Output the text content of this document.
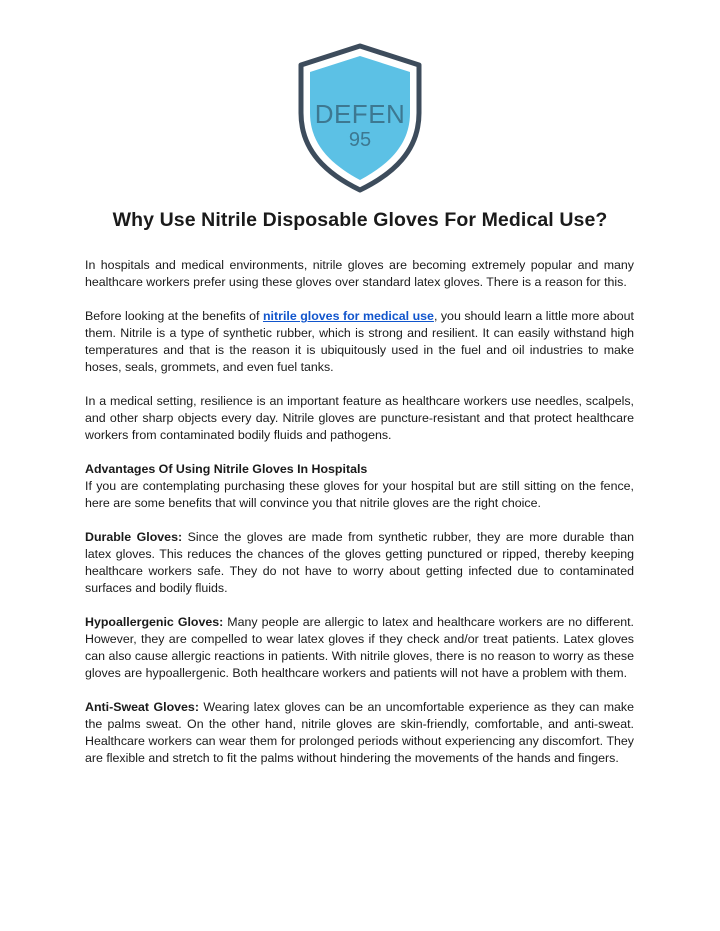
DEFEN
95
Why Use Nitrile Disposable Gloves For Medical Use?

In hospitals and medical environments, nitrile gloves are becoming extremely popular and many healthcare workers prefer using these gloves over standard latex gloves. There is a reason for this.

Before looking at the benefits of nitrile gloves for medical use, you should learn a little more about them. Nitrile is a type of synthetic rubber, which is strong and resilient. It can easily withstand high temperatures and that is the reason it is ubiquitously used in the fuel and oil industries to make hoses, seals, grommets, and even fuel tanks.

In a medical setting, resilience is an important feature as healthcare workers use needles, scalpels, and other sharp objects every day. Nitrile gloves are puncture-resistant and that protect healthcare workers from contaminated bodily fluids and pathogens.

Advantages Of Using Nitrile Gloves In Hospitals
If you are contemplating purchasing these gloves for your hospital but are still sitting on the fence, here are some benefits that will convince you that nitrile gloves are the right choice.

Durable Gloves: Since the gloves are made from synthetic rubber, they are more durable than latex gloves. This reduces the chances of the gloves getting punctured or ripped, thereby keeping healthcare workers safe. They do not have to worry about getting infected due to contaminated surfaces and bodily fluids.

Hypoallergenic Gloves: Many people are allergic to latex and healthcare workers are no different. However, they are compelled to wear latex gloves if they check and/or treat patients. Latex gloves can also cause allergic reactions in patients. With nitrile gloves, there is no reason to worry as these gloves are hypoallergenic. Both healthcare workers and patients will not have a problem with them.

Anti-Sweat Gloves: Wearing latex gloves can be an uncomfortable experience as they can make the palms sweat. On the other hand, nitrile gloves are skin-friendly, comfortable, and anti-sweat. Healthcare workers can wear them for prolonged periods without experiencing any discomfort. They are flexible and stretch to fit the palms without hindering the movements of the hands and fingers.
